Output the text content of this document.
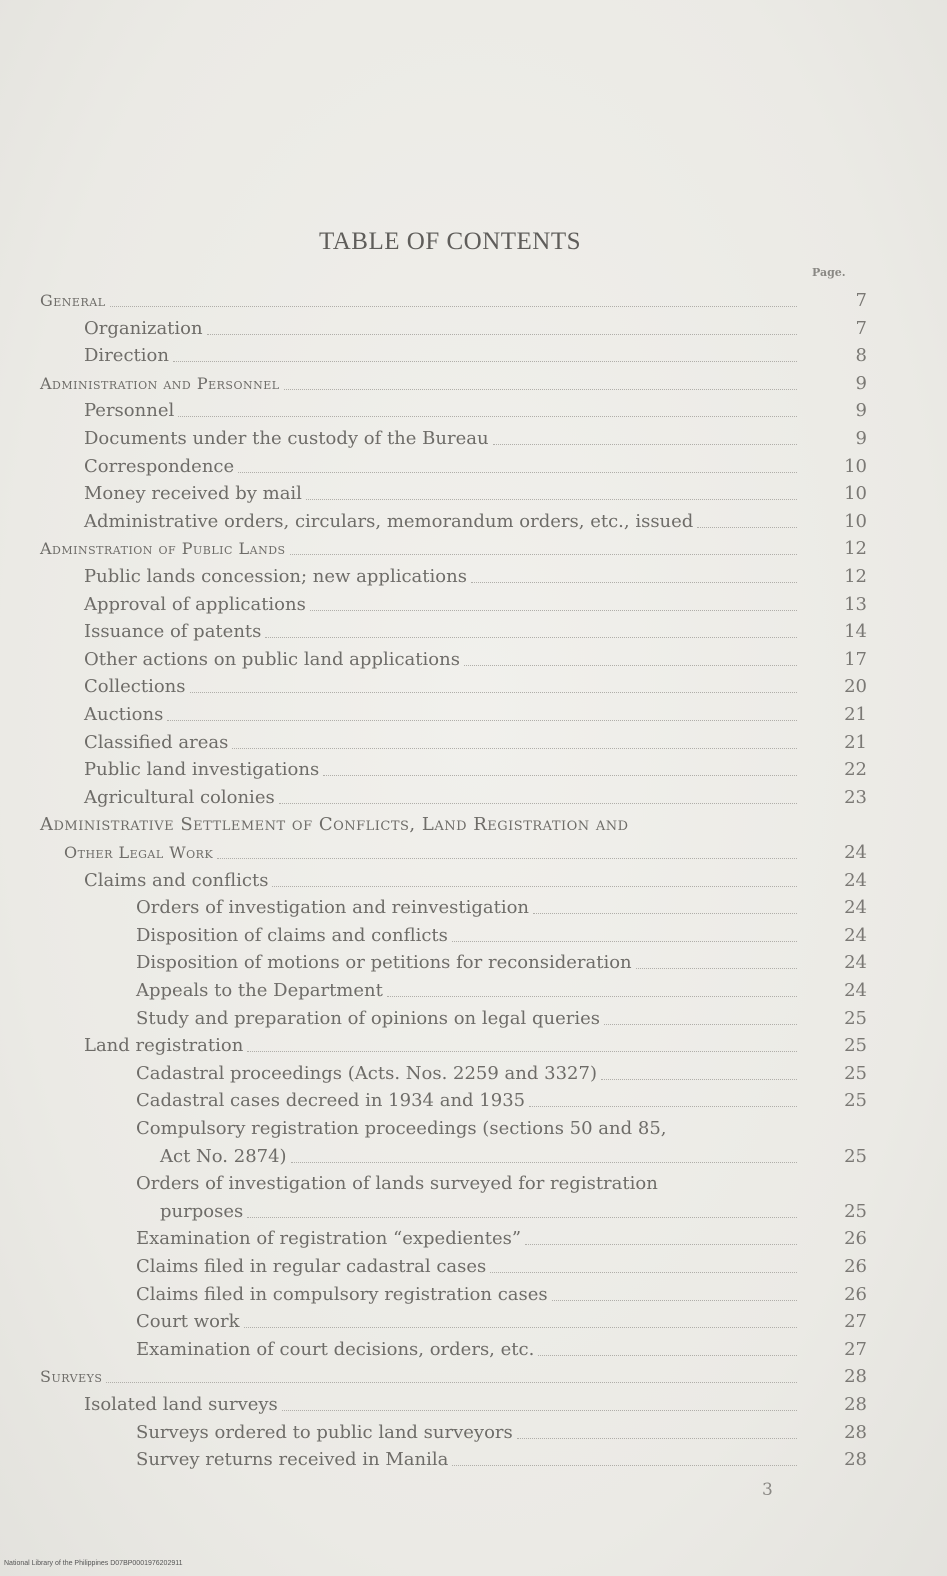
TABLE OF CONTENTS
Page.
General	7
Organization	7
Direction	8
Administration and Personnel	9
Personnel	9
Documents under the custody of the Bureau	9
Correspondence	10
Money received by mail	10
Administrative orders, circulars, memorandum orders, etc., issued	10
Adminstration of Public Lands	12
Public lands concession; new applications	12
Approval of applications	13
Issuance of patents	14
Other actions on public land applications	17
Collections	20
Auctions	21
Classified areas	21
Public land investigations	22
Agricultural colonies	23
Administrative Settlement of Conflicts, Land Registration and
Other Legal Work	24
Claims and conflicts	24
Orders of investigation and reinvestigation	24
Disposition of claims and conflicts	24
Disposition of motions or petitions for reconsideration	24
Appeals to the Department	24
Study and preparation of opinions on legal queries	25
Land registration	25
Cadastral proceedings (Acts. Nos. 2259 and 3327)	25
Cadastral cases decreed in 1934 and 1935	25
Compulsory registration proceedings (sections 50 and 85,
Act No. 2874)	25
Orders of investigation of lands surveyed for registration
purposes	25
Examination of registration “expedientes”	26
Claims filed in regular cadastral cases	26
Claims filed in compulsory registration cases	26
Court work	27
Examination of court decisions, orders, etc.	27
Surveys	28
Isolated land surveys	28
Surveys ordered to public land surveyors	28
Survey returns received in Manila	28
3
National Library of the Philippines D07BP0001976202911
